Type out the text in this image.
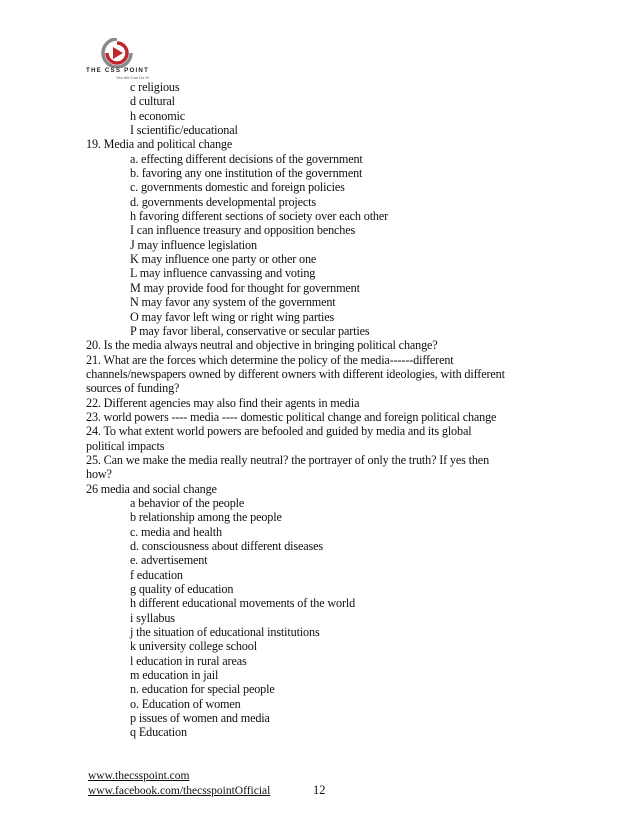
THE CSS POINT
Yes We Can Do It!
c religious
d cultural
h economic
I scientific/educational
19. Media and political change
a. effecting different decisions of the government
b. favoring any one institution of the government
c. governments domestic and foreign policies
d. governments developmental projects
h favoring different sections of society over each other
I can influence treasury and opposition benches
J may influence legislation
K may influence one party or other one
L may influence canvassing and voting
M may provide food for thought for government
N may favor any system of the government
O may favor left wing or right wing parties
P may favor liberal, conservative or secular parties
20. Is the media always neutral and objective in bringing political change?
21. What are the forces which determine the policy of the media------different
channels/newspapers owned by different owners with different ideologies, with different
sources of funding?
22. Different agencies may also find their agents in media
23. world powers ---- media ---- domestic political change and foreign political change
24. To what extent world powers are befooled and guided by media and its global
political impacts
25. Can we make the media really neutral? the portrayer of only the truth? If yes then
how?
26 media and social change
a behavior of the people
b relationship among the people
c. media and health
d. consciousness about different diseases
e. advertisement
f education
g quality of education
h different educational movements of the world
i syllabus
j the situation of educational institutions
k university college school
l education in rural areas
m education in jail
n. education for special people
o. Education of women
p issues of women and media
q Education
www.thecsspoint.com
www.facebook.com/thecsspointOfficial	12
